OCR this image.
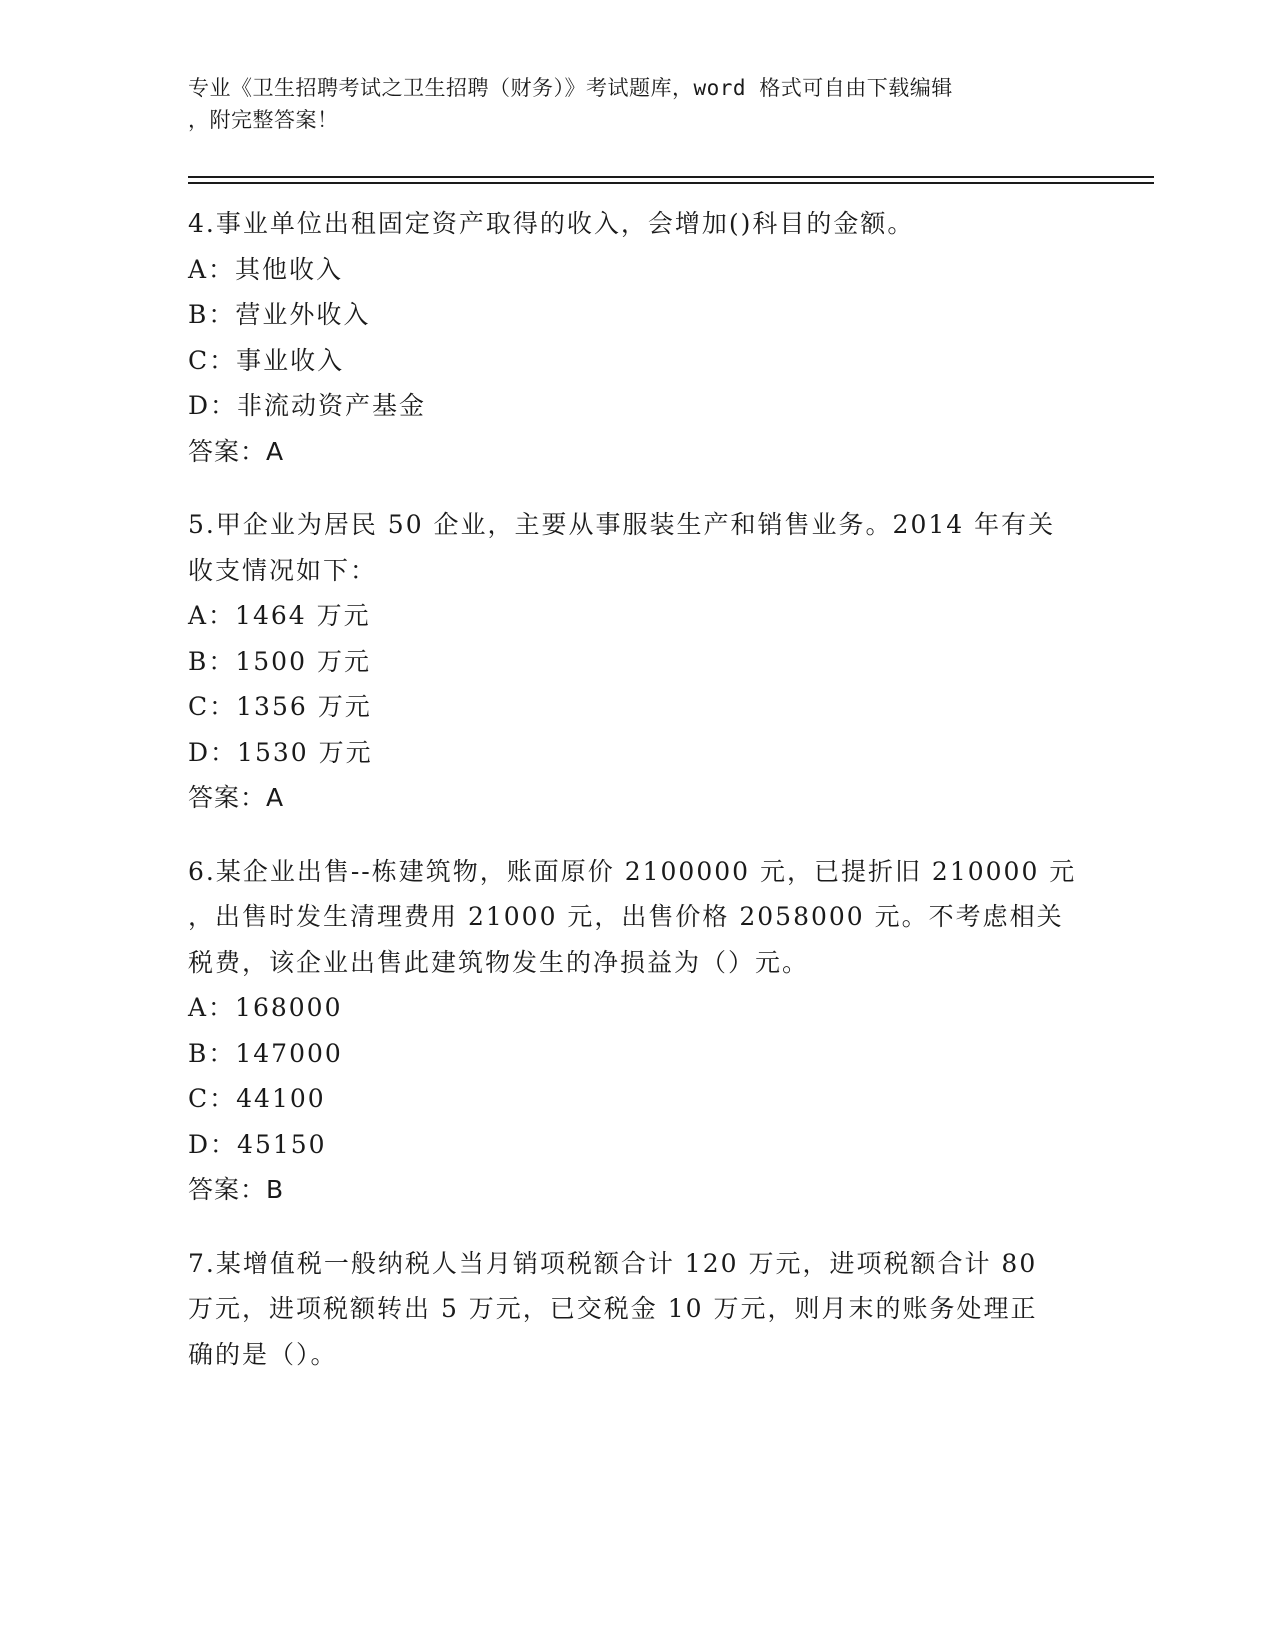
专业《卫生招聘考试之卫生招聘（财务）》考试题库，word 格式可自由下载编辑
，附完整答案！
4.事业单位出租固定资产取得的收入，会增加()科目的金额。
A：其他收入
B：营业外收入
C：事业收入
D：非流动资产基金
答案：A
5.甲企业为居民 50 企业，主要从事服装生产和销售业务。2014 年有关
收支情况如下：
A：1464 万元
B：1500 万元
C：1356 万元
D：1530 万元
答案：A
6.某企业出售--栋建筑物，账面原价 2100000 元，已提折旧 210000 元
，出售时发生清理费用 21000 元，出售价格 2058000 元。不考虑相关
税费，该企业出售此建筑物发生的净损益为（）元。
A：168000
B：147000
C：44100
D：45150
答案：B
7.某增值税一般纳税人当月销项税额合计 120 万元，进项税额合计 80
万元，进项税额转出 5 万元，已交税金 10 万元，则月末的账务处理正
确的是（）。
